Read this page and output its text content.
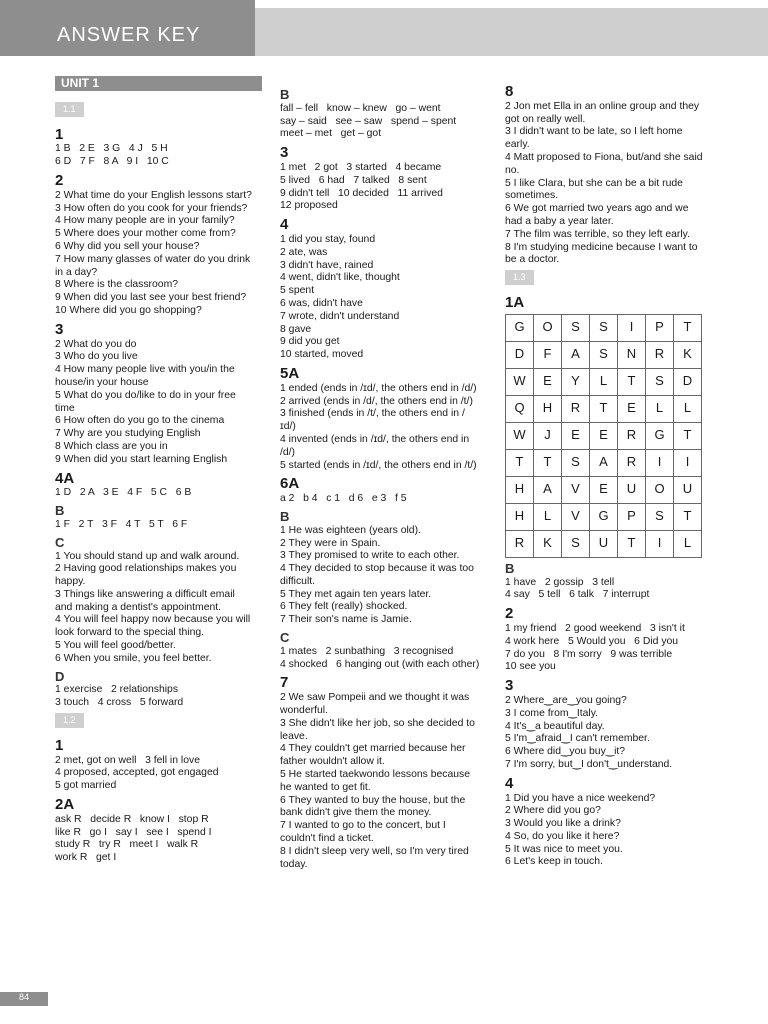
ANSWER KEY
UNIT 1
1.1
1
1 B   2 E   3 G   4 J   5 H
6 D   7 F   8 A   9 I   10 C
2
2 What time do your English lessons start?
3 How often do you cook for your friends?
4 How many people are in your family?
5 Where does your mother come from?
6 Why did you sell your house?
7 How many glasses of water do you drink in a day?
8 Where is the classroom?
9 When did you last see your best friend?
10 Where did you go shopping?
3
2 What do you do
3 Who do you live
4 How many people live with you/in the house/in your house
5 What do you do/like to do in your free time
6 How often do you go to the cinema
7 Why are you studying English
8 Which class are you in
9 When did you start learning English
4A
1 D   2 A   3 E   4 F   5 C   6 B
B
1 F   2 T   3 F   4 T   5 T   6 F
C
1 You should stand up and walk around.
2 Having good relationships makes you happy.
3 Things like answering a difficult email and making a dentist's appointment.
4 You will feel happy now because you will look forward to the special thing.
5 You will feel good/better.
6 When you smile, you feel better.
D
1 exercise   2 relationships
3 touch   4 cross   5 forward
1.2
1
2 met, got on well   3 fell in love
4 proposed, accepted, got engaged
5 got married
2A
ask R   decide R   know I   stop R
like R   go I   say I   see I   spend I
study R   try R   meet I   walk R
work R   get I
B
fall – fell   know – knew   go – went
say – said   see – saw   spend – spent
meet – met   get – got
3
1 met   2 got   3 started   4 became
5 lived   6 had   7 talked   8 sent
9 didn't tell   10 decided   11 arrived
12 proposed
4
1 did you stay, found
2 ate, was
3 didn't have, rained
4 went, didn't like, thought
5 spent
6 was, didn't have
7 wrote, didn't understand
8 gave
9 did you get
10 started, moved
5A
1 ended (ends in /ɪd/, the others end in /d/)
2 arrived (ends in /d/, the others end in /t/)
3 finished (ends in /t/, the others end in /ɪd/)
4 invented (ends in /ɪd/, the others end in /d/)
5 started (ends in /ɪd/, the others end in /t/)
6A
a 2   b 4   c 1   d 6   e 3   f 5
B
1 He was eighteen (years old).
2 They were in Spain.
3 They promised to write to each other.
4 They decided to stop because it was too difficult.
5 They met again ten years later.
6 They felt (really) shocked.
7 Their son's name is Jamie.
C
1 mates   2 sunbathing   3 recognised
4 shocked   6 hanging out (with each other)
7
2 We saw Pompeii and we thought it was wonderful.
3 She didn't like her job, so she decided to leave.
4 They couldn't get married because her father wouldn't allow it.
5 He started taekwondo lessons because he wanted to get fit.
6 They wanted to buy the house, but the bank didn't give them the money.
7 I wanted to go to the concert, but I couldn't find a ticket.
8 I didn't sleep very well, so I'm very tired today.
8
2 Jon met Ella in an online group and they got on really well.
3 I didn't want to be late, so I left home early.
4 Matt proposed to Fiona, but/and she said no.
5 I like Clara, but she can be a bit rude sometimes.
6 We got married two years ago and we had a baby a year later.
7 The film was terrible, so they left early.
8 I'm studying medicine because I want to be a doctor.
1.3
1A
G	O	S	S	I	P	T
D	F	A	S	N	R	K
W	E	Y	L	T	S	D
Q	H	R	T	E	L	L
W	J	E	E	R	G	T
T	T	S	A	R	I	I
H	A	V	E	U	O	U
H	L	V	G	P	S	T
R	K	S	U	T	I	L
B
1 have   2 gossip   3 tell
4 say   5 tell   6 talk   7 interrupt
2
1 my friend   2 good weekend   3 isn't it
4 work here   5 Would you   6 Did you
7 do you   8 I'm sorry   9 was terrible
10 see you
3
2 Where‿are‿you going?
3 I come from‿Italy.
4 It's‿a beautiful day.
5 I'm‿afraid‿I can't remember.
6 Where did‿you buy‿it?
7 I'm sorry, but‿I don't‿understand.
4
1 Did you have a nice weekend?
2 Where did you go?
3 Would you like a drink?
4 So, do you like it here?
5 It was nice to meet you.
6 Let's keep in touch.
84
